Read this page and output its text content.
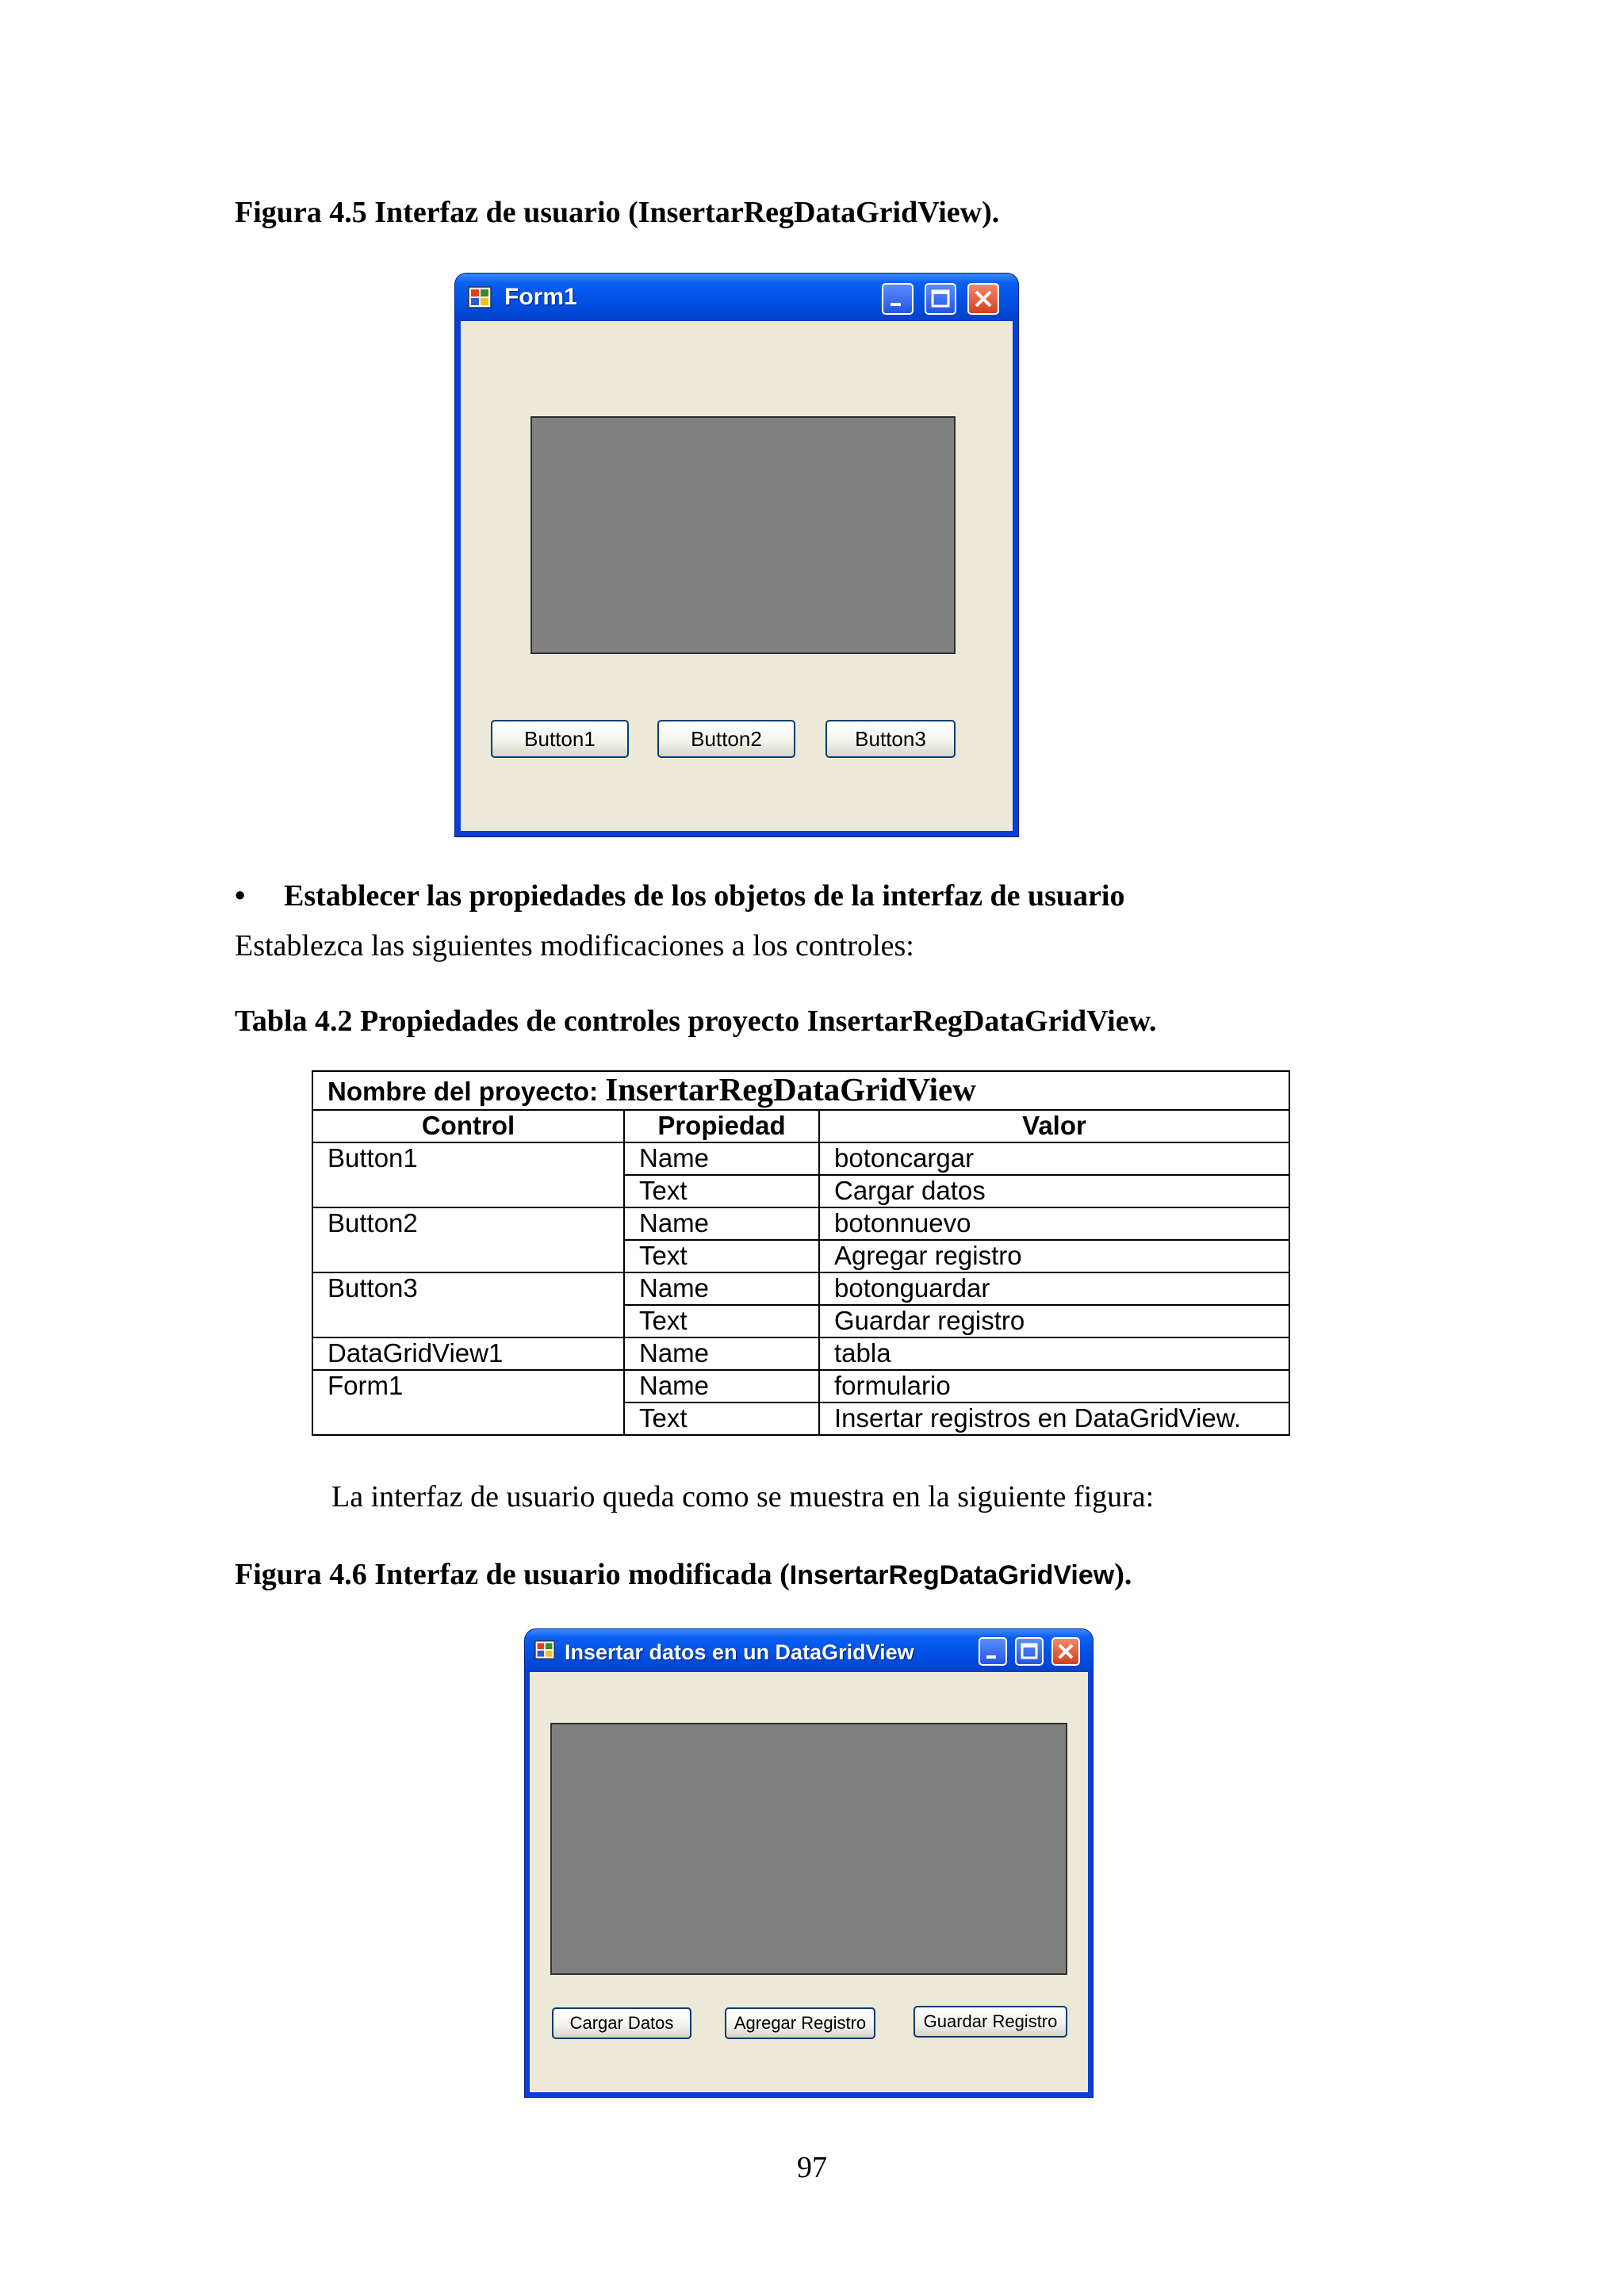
Figura 4.5 Interfaz de usuario (InsertarRegDataGridView).
Form1
Button1	Button2	Button3
• Establecer las propiedades de los objetos de la interfaz de usuario
Establezca las siguientes modificaciones a los controles:
Tabla 4.2 Propiedades de controles proyecto InsertarRegDataGridView.
Nombre del proyecto: InsertarRegDataGridView		
Control	Propiedad	Valor
Button1	Name	botoncargar
	Text	Cargar datos
Button2	Name	botonnuevo
	Text	Agregar registro
Button3	Name	botonguardar
	Text	Guardar registro
DataGridView1	Name	tabla
Form1	Name	formulario
	Text	Insertar registros en DataGridView.
La interfaz de usuario queda como se muestra en la siguiente figura:
Figura 4.6 Interfaz de usuario modificada (InsertarRegDataGridView).
Insertar datos en un DataGridView
Cargar Datos	Agregar Registro	Guardar Registro
97
